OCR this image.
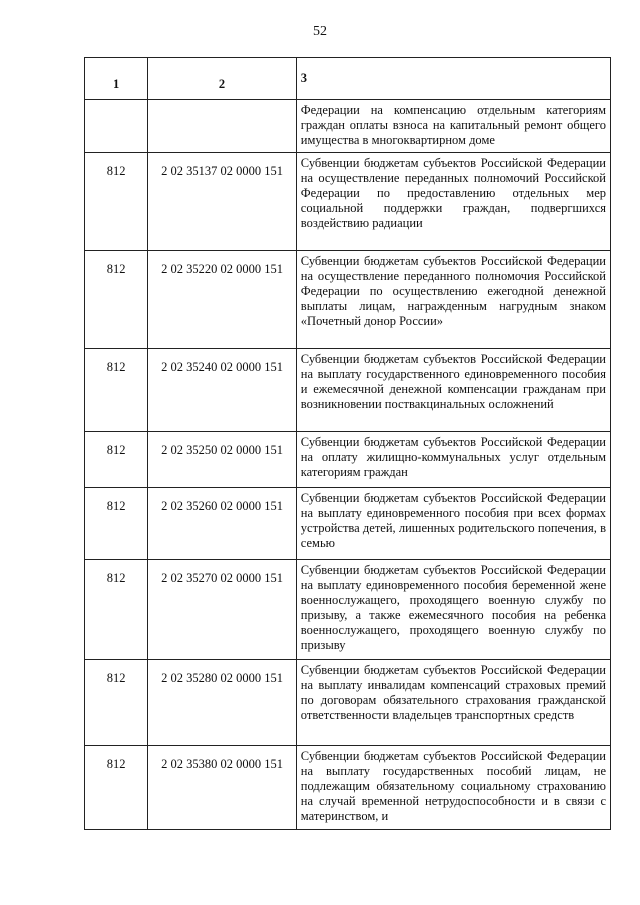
52
1	2	3
		Федерации на компенсацию отдельным категориям граждан оплаты взноса на капитальный ремонт общего имущества в многоквартирном доме
812	2 02 35137 02 0000 151	Субвенции бюджетам субъектов Российской Федерации на осуществление переданных полномочий Российской Федерации по предоставлению отдельных мер социальной поддержки граждан, подвергшихся воздействию радиации
812	2 02 35220 02 0000 151	Субвенции бюджетам субъектов Российской Федерации на осуществление переданного полномочия Российской Федерации по осуществлению ежегодной денежной выплаты лицам, награжденным нагрудным знаком «Почетный донор России»
812	2 02 35240 02 0000 151	Субвенции бюджетам субъектов Российской Федерации на выплату государственного единовременного пособия и ежемесячной денежной компенсации гражданам при возникновении поствакцинальных осложнений
812	2 02 35250 02 0000 151	Субвенции бюджетам субъектов Российской Федерации на оплату жилищно-коммунальных услуг отдельным категориям граждан
812	2 02 35260 02 0000 151	Субвенции бюджетам субъектов Российской Федерации на выплату единовременного пособия при всех формах устройства детей, лишенных родительского попечения, в семью
812	2 02 35270 02 0000 151	Субвенции бюджетам субъектов Российской Федерации на выплату единовременного пособия беременной жене военнослужащего, проходящего военную службу по призыву, а также ежемесячного пособия на ребенка военнослужащего, проходящего военную службу по призыву
812	2 02 35280 02 0000 151	Субвенции бюджетам субъектов Российской Федерации на выплату инвалидам компенсаций страховых премий по договорам обязательного страхования гражданской ответственности владельцев транспортных средств
812	2 02 35380 02 0000 151	Субвенции бюджетам субъектов Российской Федерации на выплату государственных пособий лицам, не подлежащим обязательному социальному страхованию на случай временной нетрудоспособности и в связи с материнством, и
